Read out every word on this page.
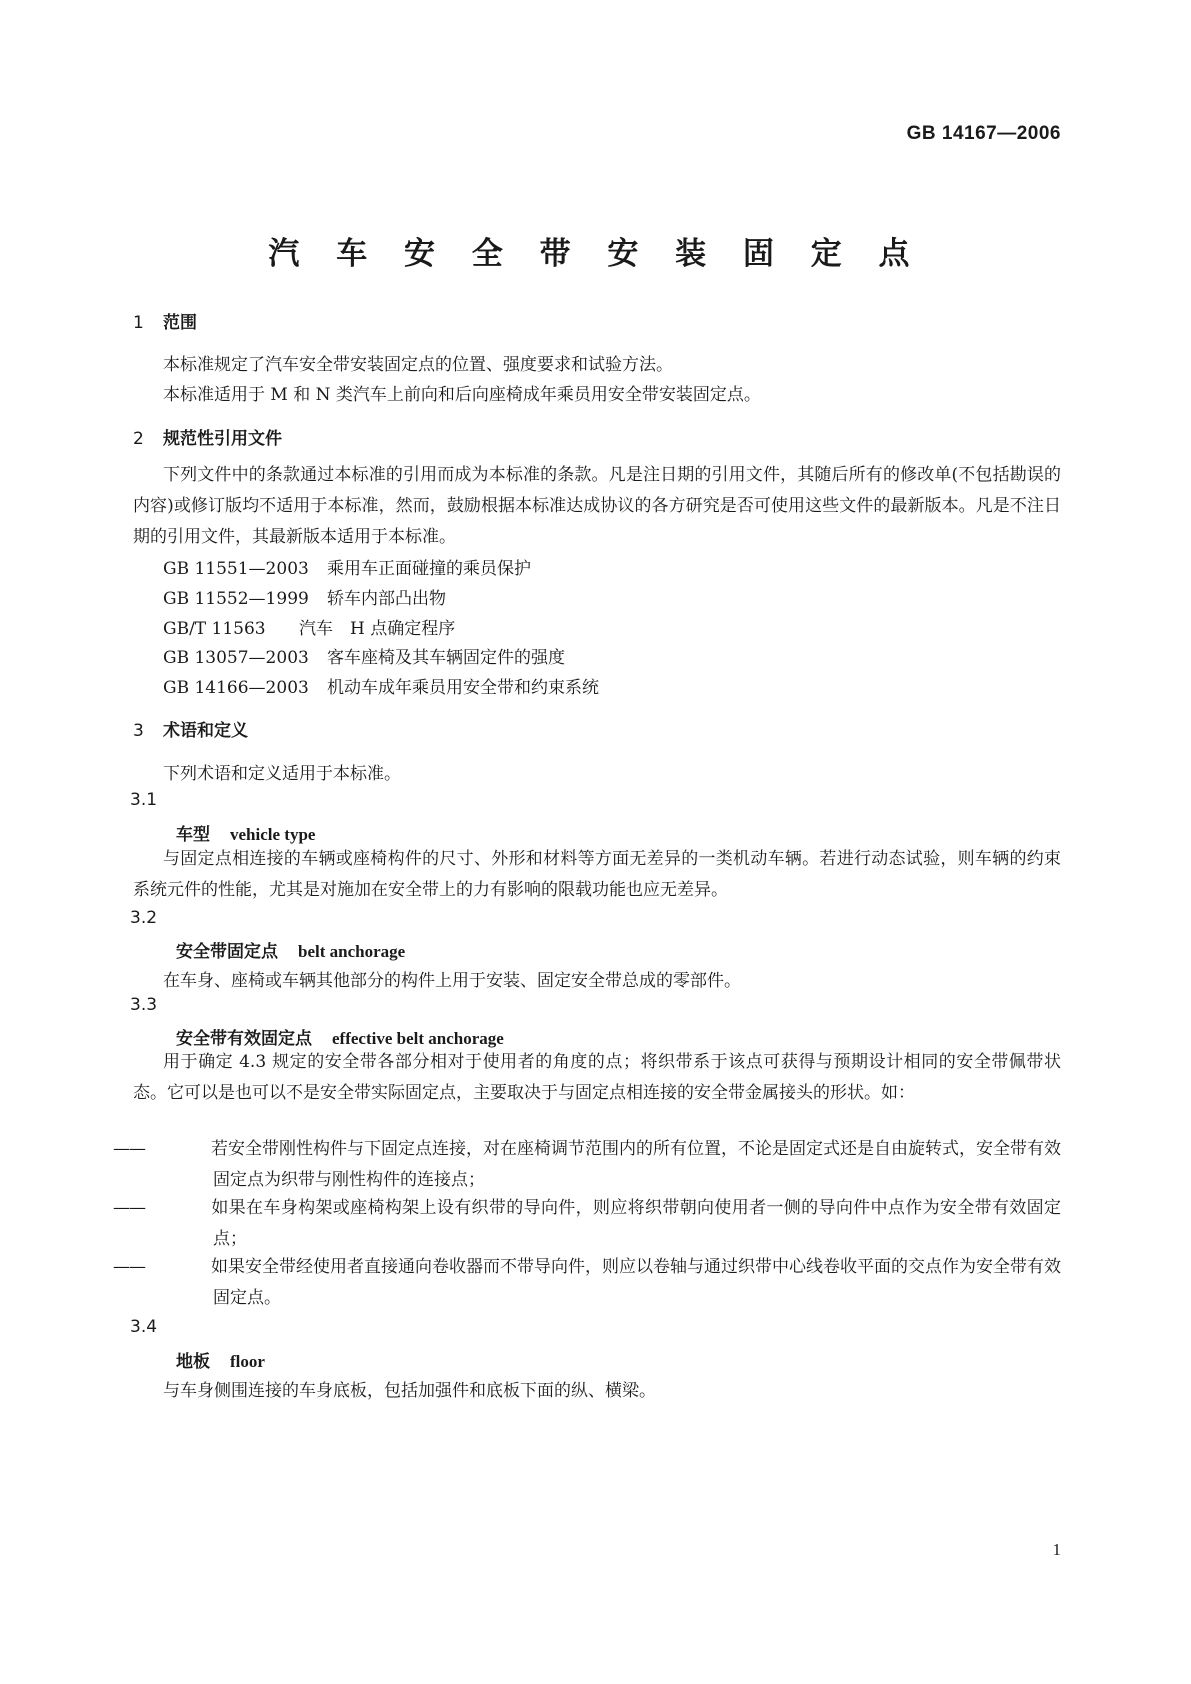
GB 14167—2006
汽 车 安 全 带 安 装 固 定 点
1 范围
本标准规定了汽车安全带安装固定点的位置、强度要求和试验方法。
本标准适用于 M 和 N 类汽车上前向和后向座椅成年乘员用安全带安装固定点。
2 规范性引用文件
下列文件中的条款通过本标准的引用而成为本标准的条款。凡是注日期的引用文件，其随后所有的修改单(不包括勘误的内容)或修订版均不适用于本标准，然而，鼓励根据本标准达成协议的各方研究是否可使用这些文件的最新版本。凡是不注日期的引用文件，其最新版本适用于本标准。
GB 11551—2003 乘用车正面碰撞的乘员保护
GB 11552—1999 轿车内部凸出物
GB/T 11563 汽车　H 点确定程序
GB 13057—2003 客车座椅及其车辆固定件的强度
GB 14166—2003 机动车成年乘员用安全带和约束系统
3 术语和定义
下列术语和定义适用于本标准。
3.1
车型 vehicle type
与固定点相连接的车辆或座椅构件的尺寸、外形和材料等方面无差异的一类机动车辆。若进行动态试验，则车辆的约束系统元件的性能，尤其是对施加在安全带上的力有影响的限载功能也应无差异。
3.2
安全带固定点 belt anchorage
在车身、座椅或车辆其他部分的构件上用于安装、固定安全带总成的零部件。
3.3
安全带有效固定点 effective belt anchorage
用于确定 4.3 规定的安全带各部分相对于使用者的角度的点；将织带系于该点可获得与预期设计相同的安全带佩带状态。它可以是也可以不是安全带实际固定点，主要取决于与固定点相连接的安全带金属接头的形状。如：
——	若安全带刚性构件与下固定点连接，对在座椅调节范围内的所有位置，不论是固定式还是自由旋转式，安全带有效固定点为织带与刚性构件的连接点；
——	如果在车身构架或座椅构架上设有织带的导向件，则应将织带朝向使用者一侧的导向件中点作为安全带有效固定点；
——	如果安全带经使用者直接通向卷收器而不带导向件，则应以卷轴与通过织带中心线卷收平面的交点作为安全带有效固定点。
3.4
地板 floor
与车身侧围连接的车身底板，包括加强件和底板下面的纵、横梁。
1
